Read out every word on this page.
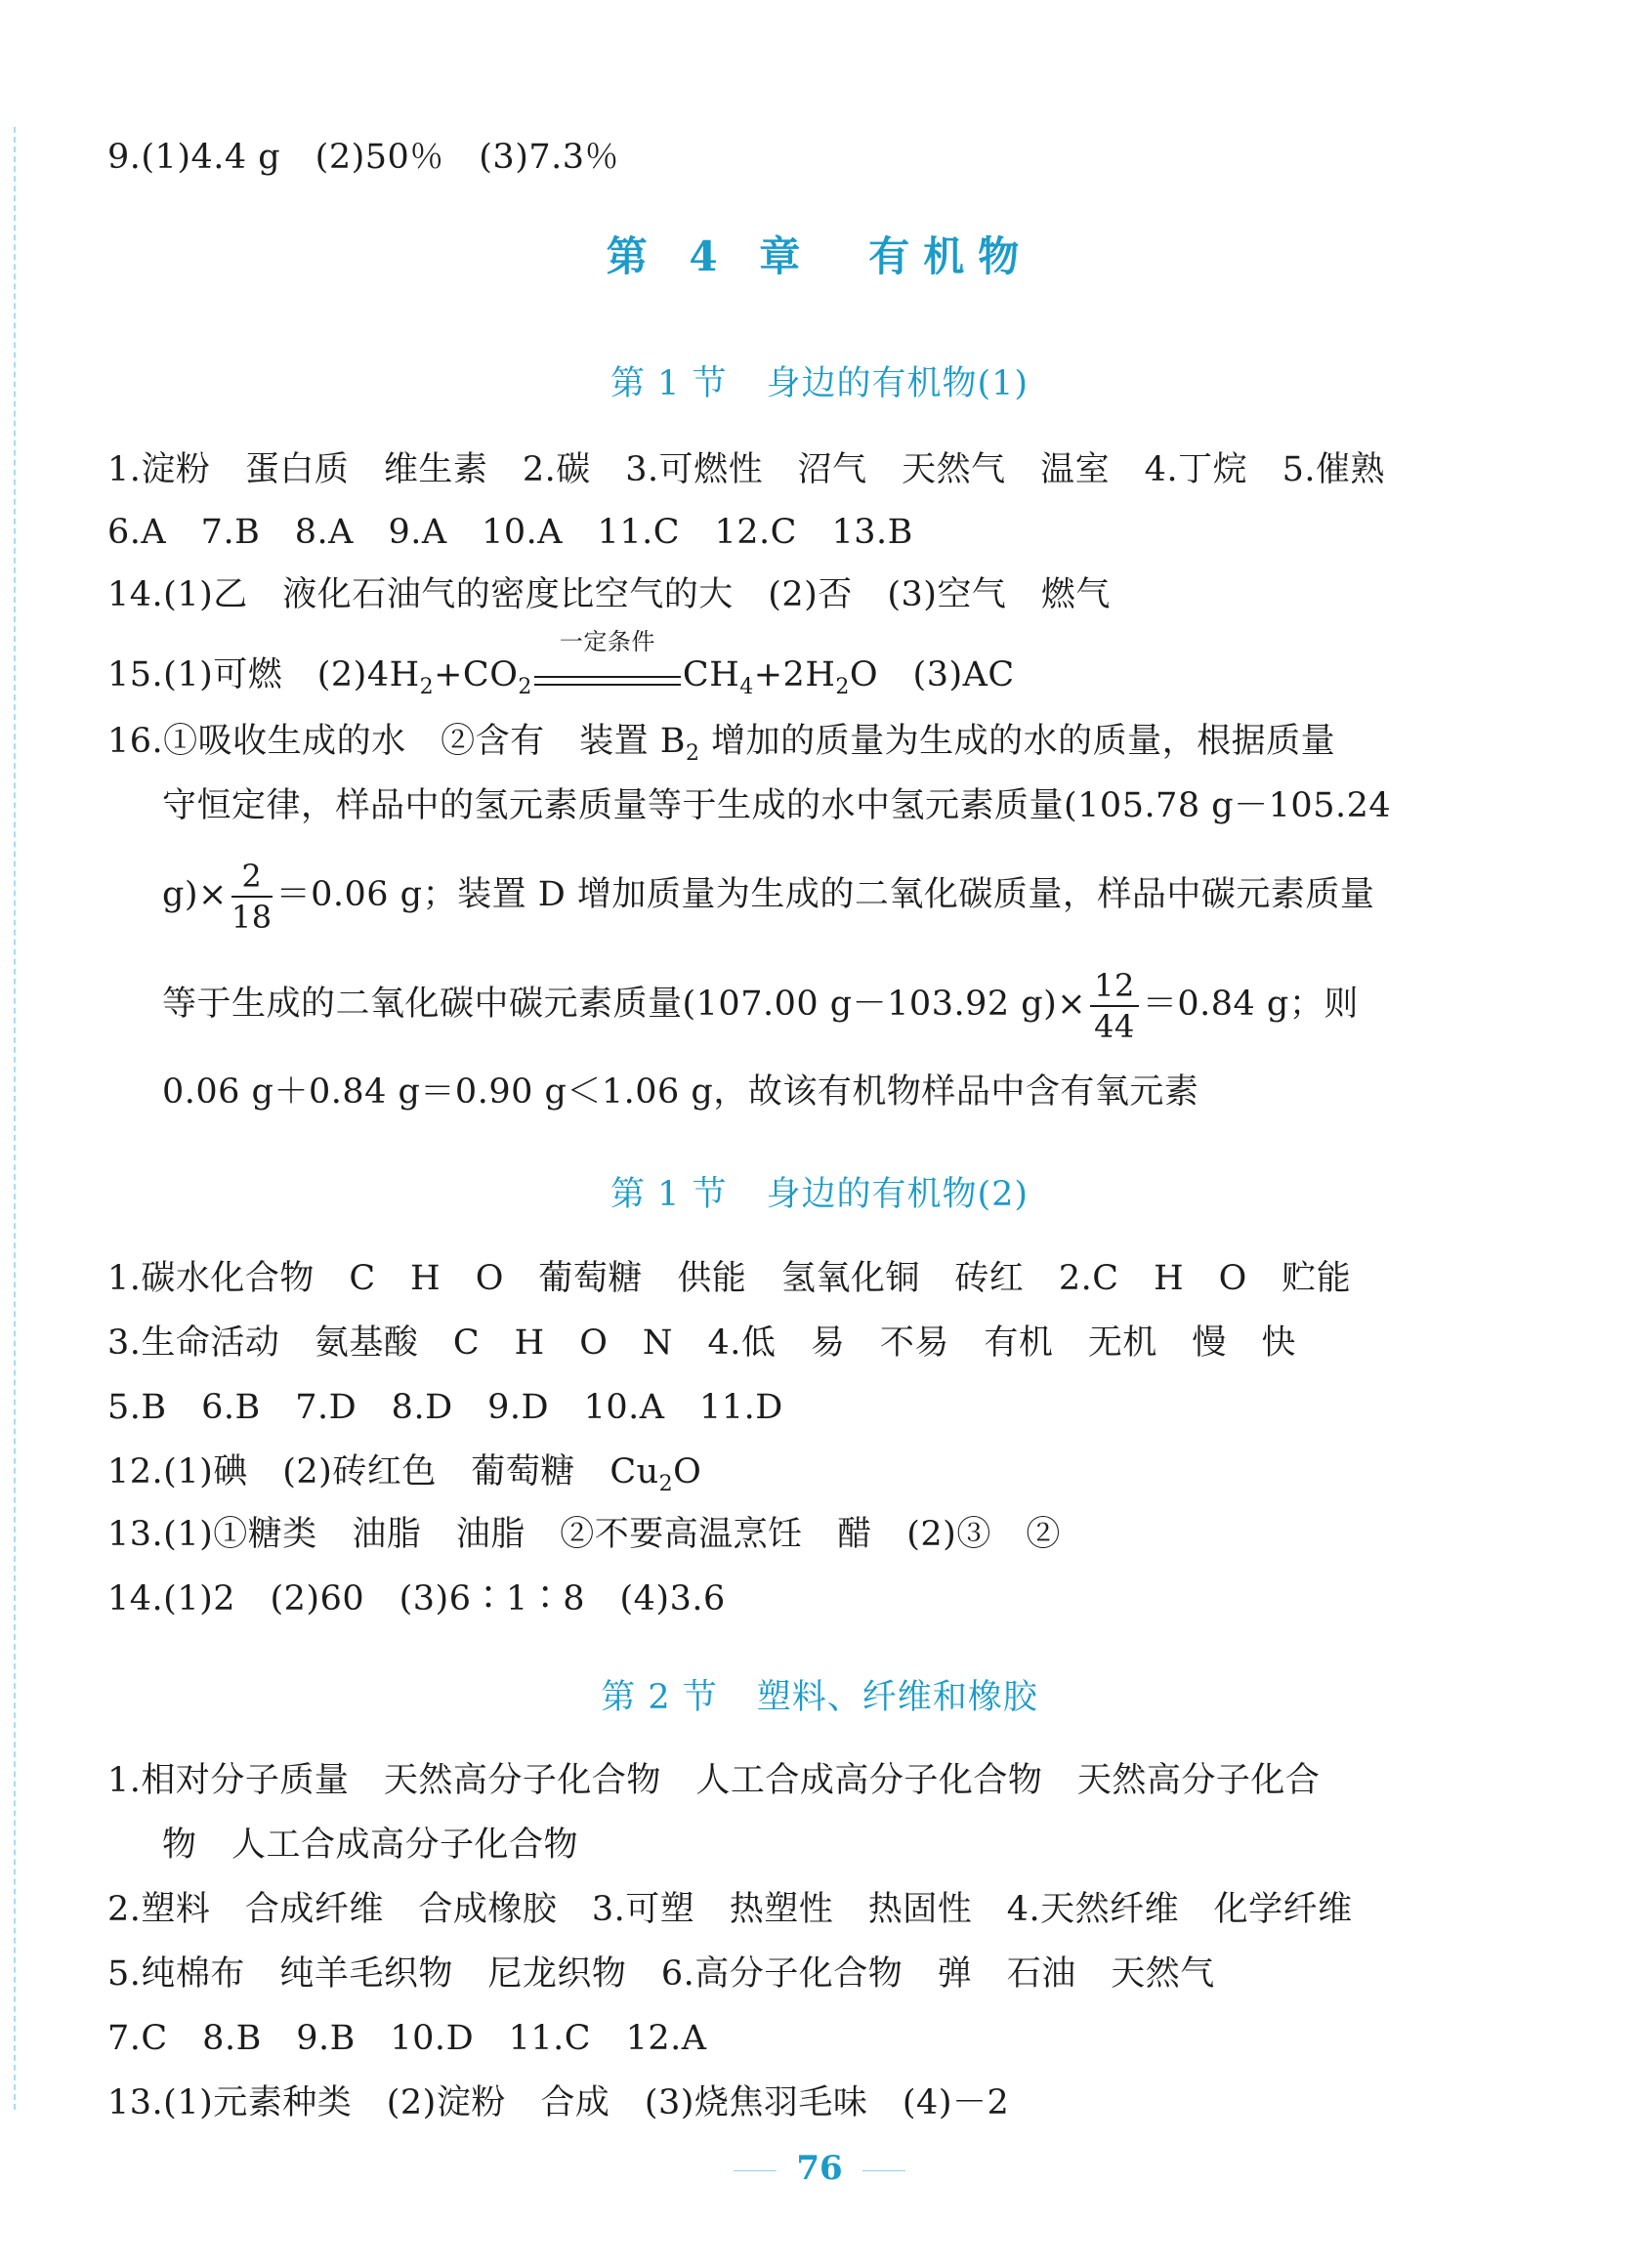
9.(1)4.4 g　(2)50％　(3)7.3％
第 4 章　有机物
第 1 节 身边的有机物(1)
1.淀粉　蛋白质　维生素　2.碳　3.可燃性　沼气　天然气　温室　4.丁烷　5.催熟
6.A　7.B　8.A　9.A　10.A　11.C　12.C　13.B
14.(1)乙　液化石油气的密度比空气的大　(2)否　(3)空气　燃气
15.(1)可燃　$(2)4H_2+CO_2$
一定条件
$CH_4+2H_2O$　(3)AC
16.①吸收生成的水　②含有　装置 $B_2$ 增加的质量为生成的水的质量，根据质量
守恒定律，样品中的氢元素质量等于生成的水中氢元素质量(105.78 g－105.24
$g)\times \frac{2}{18} =0.06$ g；装置 D 增加质量为生成的二氧化碳质量，样品中碳元素质量
等于生成的二氧化碳中碳元素质量(107.00 g－103.92 $g)\times \frac{12}{44} =0.84$ g；则
0.06 g＋0.84 g＝0.90 g＜1.06 g，故该有机物样品中含有氧元素
第 1 节 身边的有机物(2)
1.碳水化合物　C　H　O　葡萄糖　供能　氢氧化铜　砖红　2.C　H　O　贮能
3.生命活动　氨基酸　C　H　O　N　4.低　易　不易　有机　无机　慢　快
5.B　6.B　7.D　8.D　9.D　10.A　11.D
12.(1)碘　(2)砖红色　葡萄糖　$Cu_2O$
13.(1)①糖类　油脂　油脂　②不要高温烹饪　醋　(2)③　②
14.(1)2　(2)60　(3)6∶1∶8　(4)3.6
第 2 节 塑料、纤维和橡胶
1.相对分子质量　天然高分子化合物　人工合成高分子化合物　天然高分子化合
物　人工合成高分子化合物
2.塑料　合成纤维　合成橡胶　3.可塑　热塑性　热固性　4.天然纤维　化学纤维
5.纯棉布　纯羊毛织物　尼龙织物　6.高分子化合物　弹　石油　天然气
7.C　8.B　9.B　10.D　11.C　12.A
13.(1)元素种类　(2)淀粉　合成　(3)烧焦羽毛味　(4)－2
76
